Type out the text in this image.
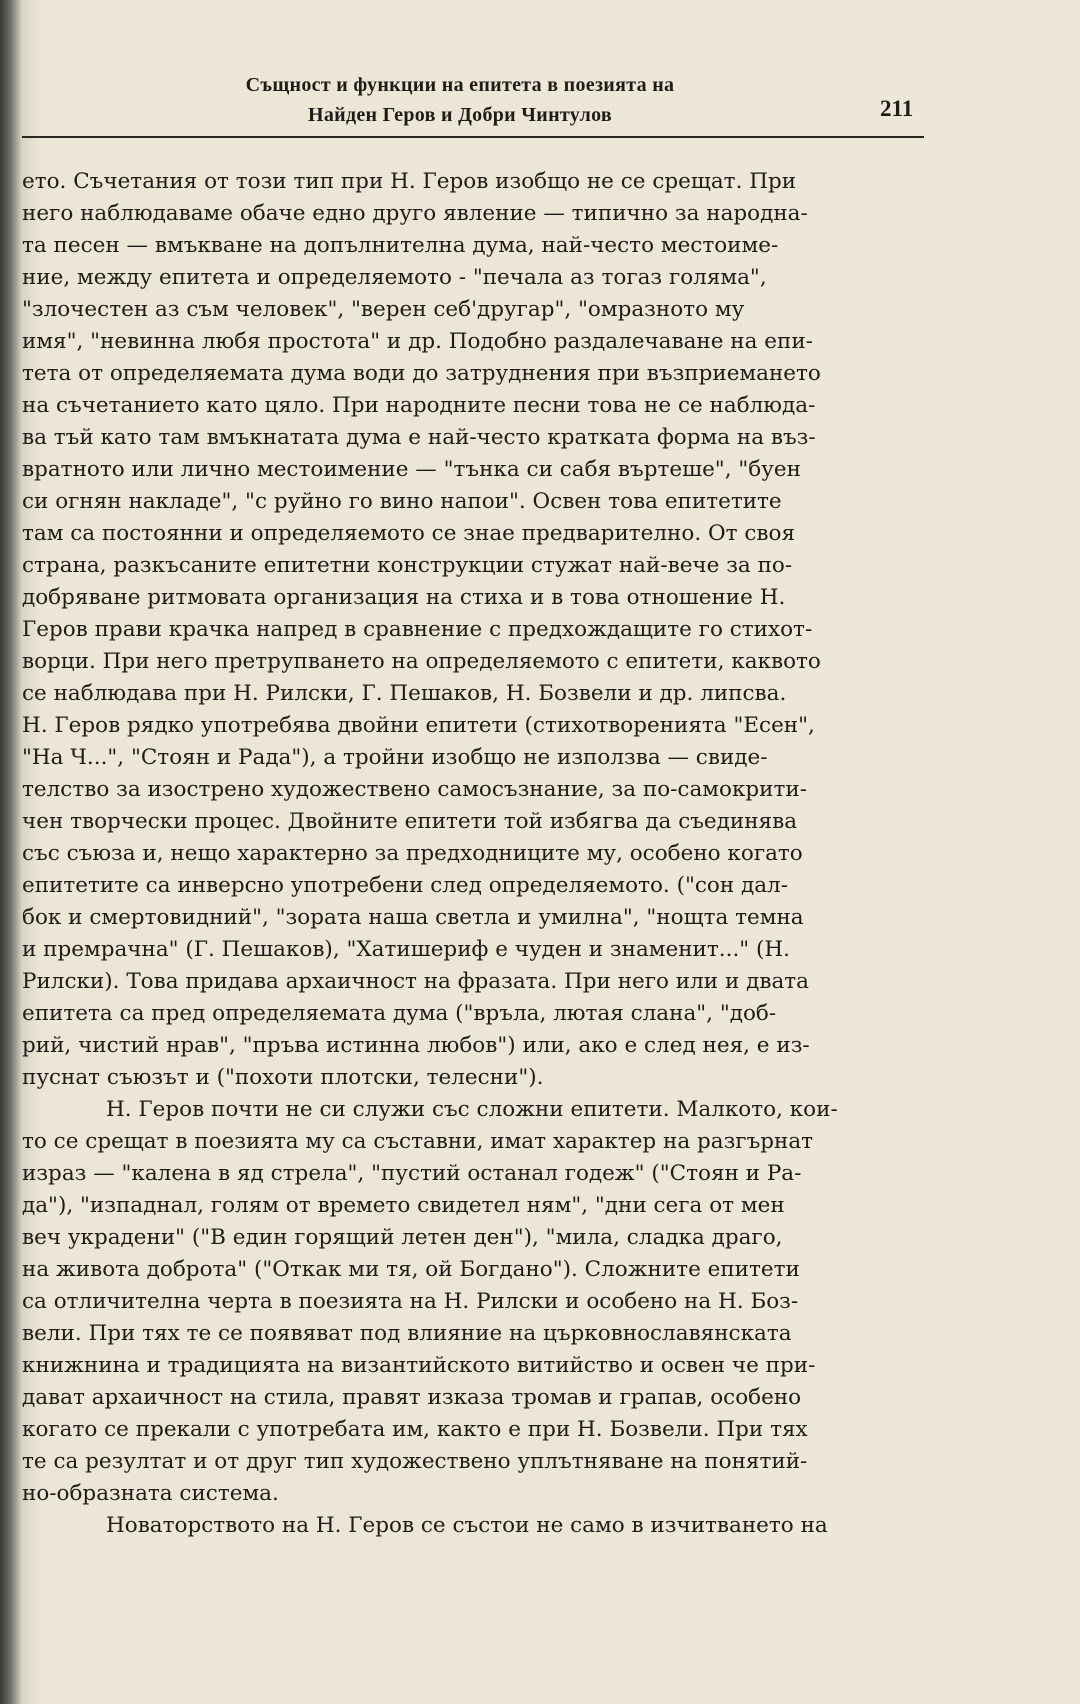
Същност и функции на епитета в поезията на
Найден Геров и Добри Чинтулов	211
ето. Съчетания от този тип при Н. Геров изобщо не се срещат. При
него наблюдаваме обаче едно друго явление — типично за народна-
та песен — вмъкване на допълнителна дума, най-често местоиме-
ние, между епитета и определяемото - "печала аз тогаз голяма",
"злочестен аз съм человек", "верен себ'другар", "омразното му
имя", "невинна любя простота" и др. Подобно раздалечаване на епи-
тета от определяемата дума води до затруднения при възприемането
на съчетанието като цяло. При народните песни това не се наблюда-
ва тъй като там вмъкнатата дума е най-често кратката форма на въз-
вратното или лично местоимение — "тънка си сабя въртеше", "буен
си огнян накладе", "с руйно го вино напои". Освен това епитетите
там са постоянни и определяемото се знае предварително. От своя
страна, разкъсаните епитетни конструкции стужат най-вече за по-
добряване ритмовата организация на стиха и в това отношение Н.
Геров прави крачка напред в сравнение с предхождащите го стихот-
ворци. При него претрупването на определяемото с епитети, каквото
се наблюдава при Н. Рилски, Г. Пешаков, Н. Бозвели и др. липсва.
Н. Геров рядко употребява двойни епитети (стихотворенията "Есен",
"На Ч...", "Стоян и Рада"), а тройни изобщо не използва — свиде-
телство за изострено художествено самосъзнание, за по-самокрити-
чен творчески процес. Двойните епитети той избягва да съединява
със съюза и, нещо характерно за предходниците му, особено когато
епитетите са инверсно употребени след определяемото. ("сон дал-
бок и смертовидний", "зората наша светла и умилна", "нощта темна
и премрачна" (Г. Пешаков), "Хатишериф е чуден и знаменит..." (Н.
Рилски). Това придава архаичност на фразата. При него или и двата
епитета са пред определяемата дума ("връла, лютая слана", "доб-
рий, чистий нрав", "пръва истинна любов") или, ако е след нея, е из-
пуснат съюзът и ("похоти плотски, телесни").
Н. Геров почти не си служи със сложни епитети. Малкото, кои-
то се срещат в поезията му са съставни, имат характер на разгърнат
израз — "калена в яд стрела", "пустий останал годеж" ("Стоян и Ра-
да"), "изпаднал, голям от времето свидетел ням", "дни сега от мен
веч украдени" ("В един горящий летен ден"), "мила, сладка драго,
на живота доброта" ("Откак ми тя, ой Богдано"). Сложните епитети
са отличителна черта в поезията на Н. Рилски и особено на Н. Боз-
вели. При тях те се появяват под влияние на църковнославянската
книжнина и традицията на византийското витийство и освен че при-
дават архаичност на стила, правят изказа тромав и грапав, особено
когато се прекали с употребата им, както е при Н. Бозвели. При тях
те са резултат и от друг тип художествено уплътняване на понятий-
но-образната система.
Новаторството на Н. Геров се състои не само в изчитването на
